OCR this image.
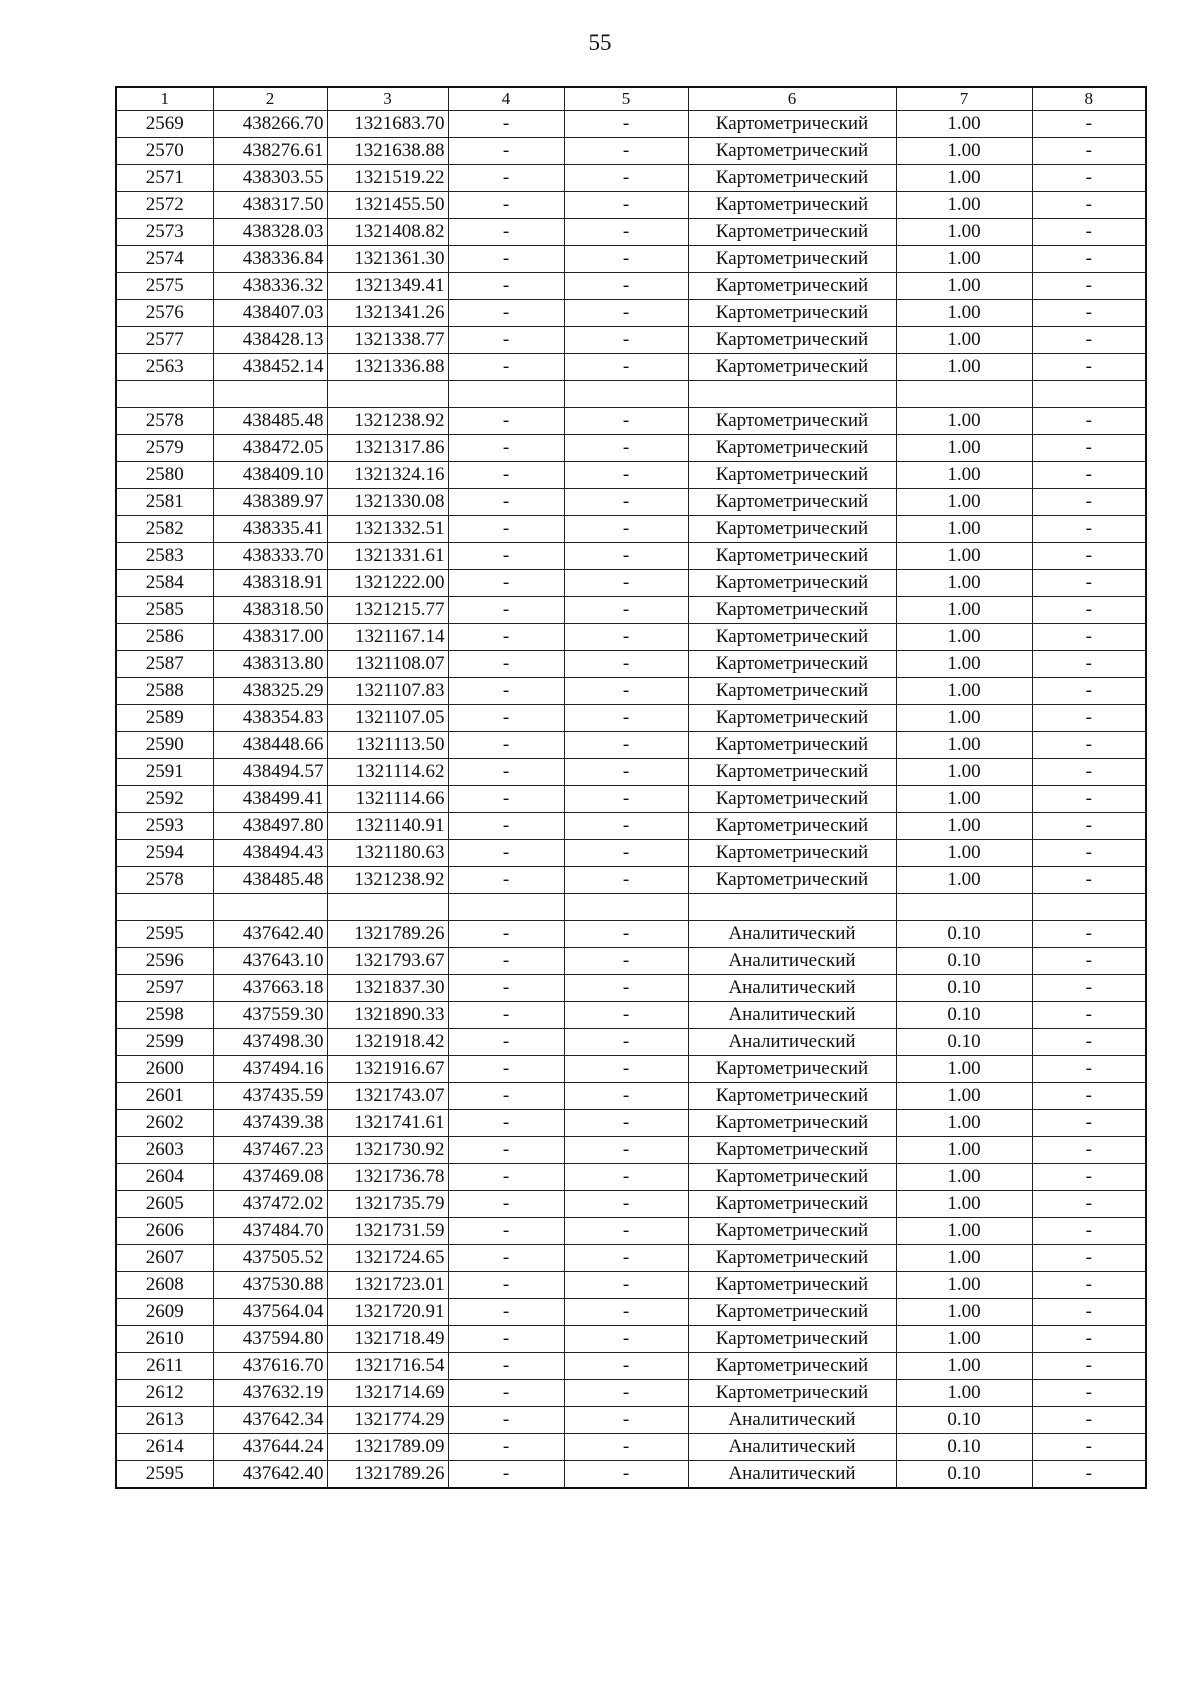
55
1	2	3	4	5	6	7	8
2569	438266.70	1321683.70	-	-	Картометрический	1.00	-
2570	438276.61	1321638.88	-	-	Картометрический	1.00	-
2571	438303.55	1321519.22	-	-	Картометрический	1.00	-
2572	438317.50	1321455.50	-	-	Картометрический	1.00	-
2573	438328.03	1321408.82	-	-	Картометрический	1.00	-
2574	438336.84	1321361.30	-	-	Картометрический	1.00	-
2575	438336.32	1321349.41	-	-	Картометрический	1.00	-
2576	438407.03	1321341.26	-	-	Картометрический	1.00	-
2577	438428.13	1321338.77	-	-	Картометрический	1.00	-
2563	438452.14	1321336.88	-	-	Картометрический	1.00	-

2578	438485.48	1321238.92	-	-	Картометрический	1.00	-
2579	438472.05	1321317.86	-	-	Картометрический	1.00	-
2580	438409.10	1321324.16	-	-	Картометрический	1.00	-
2581	438389.97	1321330.08	-	-	Картометрический	1.00	-
2582	438335.41	1321332.51	-	-	Картометрический	1.00	-
2583	438333.70	1321331.61	-	-	Картометрический	1.00	-
2584	438318.91	1321222.00	-	-	Картометрический	1.00	-
2585	438318.50	1321215.77	-	-	Картометрический	1.00	-
2586	438317.00	1321167.14	-	-	Картометрический	1.00	-
2587	438313.80	1321108.07	-	-	Картометрический	1.00	-
2588	438325.29	1321107.83	-	-	Картометрический	1.00	-
2589	438354.83	1321107.05	-	-	Картометрический	1.00	-
2590	438448.66	1321113.50	-	-	Картометрический	1.00	-
2591	438494.57	1321114.62	-	-	Картометрический	1.00	-
2592	438499.41	1321114.66	-	-	Картометрический	1.00	-
2593	438497.80	1321140.91	-	-	Картометрический	1.00	-
2594	438494.43	1321180.63	-	-	Картометрический	1.00	-
2578	438485.48	1321238.92	-	-	Картометрический	1.00	-

2595	437642.40	1321789.26	-	-	Аналитический	0.10	-
2596	437643.10	1321793.67	-	-	Аналитический	0.10	-
2597	437663.18	1321837.30	-	-	Аналитический	0.10	-
2598	437559.30	1321890.33	-	-	Аналитический	0.10	-
2599	437498.30	1321918.42	-	-	Аналитический	0.10	-
2600	437494.16	1321916.67	-	-	Картометрический	1.00	-
2601	437435.59	1321743.07	-	-	Картометрический	1.00	-
2602	437439.38	1321741.61	-	-	Картометрический	1.00	-
2603	437467.23	1321730.92	-	-	Картометрический	1.00	-
2604	437469.08	1321736.78	-	-	Картометрический	1.00	-
2605	437472.02	1321735.79	-	-	Картометрический	1.00	-
2606	437484.70	1321731.59	-	-	Картометрический	1.00	-
2607	437505.52	1321724.65	-	-	Картометрический	1.00	-
2608	437530.88	1321723.01	-	-	Картометрический	1.00	-
2609	437564.04	1321720.91	-	-	Картометрический	1.00	-
2610	437594.80	1321718.49	-	-	Картометрический	1.00	-
2611	437616.70	1321716.54	-	-	Картометрический	1.00	-
2612	437632.19	1321714.69	-	-	Картометрический	1.00	-
2613	437642.34	1321774.29	-	-	Аналитический	0.10	-
2614	437644.24	1321789.09	-	-	Аналитический	0.10	-
2595	437642.40	1321789.26	-	-	Аналитический	0.10	-
